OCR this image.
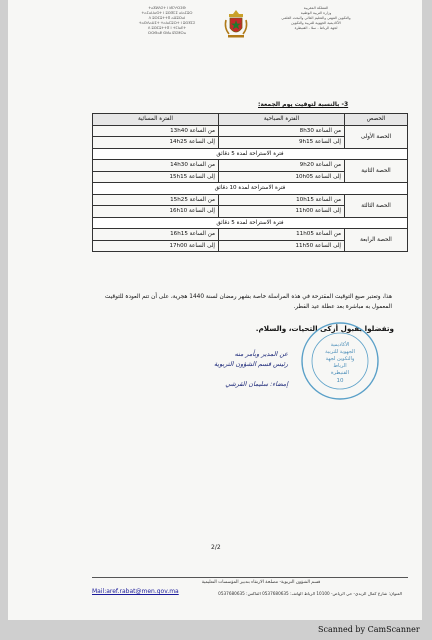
ⵜⴰⴳⵍⴷⵉⵜ ⵏ ⵍⵎⵖⵔⵉⴱ
ⵜⴰⵎⴰⵡⴰⵙⵜ ⵏ ⵓⵙⴳⵎⵉ ⴰⵏⴰⵎⵓⵔ
ⴷ ⵓⵙⵎⵓⵜⵜⴳ ⴰⵣⵓⵔⴰⵏ
ⵜⴰⵙⴷⴰⵡⵉⵜ ⵜⴰⵏⴰⵎⵓⵔⵜ ⵏ ⵓⵙⴳⵎⵉ
ⴷ ⵓⵙⵎⵓⵜⵜⴳ ⵏ ⵜⵎⵏⴰⴹⵜ
ⵔⵔⴱⴰⵟ ⵙⵍⴰ ⵇⵏⵉⵟⵔⴰ
المملكة المغربية
وزارة التربية الوطنية
والتكوين المهني والتعليم العالي والبحث العلمي
الأكاديمية الجهوية للتربية والتكوين
لجهة الرباط - سلا - القنيطرة
3- بالنسبة لتوقيت يوم الجمعة:
الفترة المسائية	الفترة الصباحية	الحصص
من الساعة 13h40	من الساعة 8h30	الحصة الأولى
إلى الساعة 14h25	إلى الساعة 9h15	
فترة الاستراحة لمدة 5 دقائق		
من الساعة 14h30	من الساعة 9h20	الحصة الثانية
إلى الساعة 15h15	إلى الساعة 10h05	
فترة الاستراحة لمدة 10 دقائق		
من الساعة 15h25	من الساعة 10h15	الحصة الثالثة
إلى الساعة 16h10	إلى الساعة 11h00	
فترة الاستراحة لمدة 5 دقائق		
من الساعة 16h15	من الساعة 11h05	الحصة الرابعة
إلى الساعة 17h00	إلى الساعة 11h50	
هذا، وتعتبر صيغ التوقيت المقترحة في هذه المراسلة خاصة بشهر رمضان لسنة 1440 هجرية، على أن تتم العودة للتوقيت المعمول به مباشرة بعد عطلة عيد الفطر.
وتفضلوا بقبول أزكى التحيات، والسلام.
عن المدير وبأمر منه
رئيس قسم الشؤون التربوية
إمضاء: سليمان القرشي
الأكاديمية
الجهوية للتربية
والتكوين لجهة
الرباط
القنيطرة
10
2/2
قسم الشؤون التربوية- مصلحة الارتقاء بتدبير المؤسسات التعليمية
العنوان: شارع كمال الزبدي- حي الرياض- 10100 الرباط الهاتف: 0537680635 الفاكس: 0537680635
Mail:aref.rabat@men.gov.ma
Scanned by CamScanner
